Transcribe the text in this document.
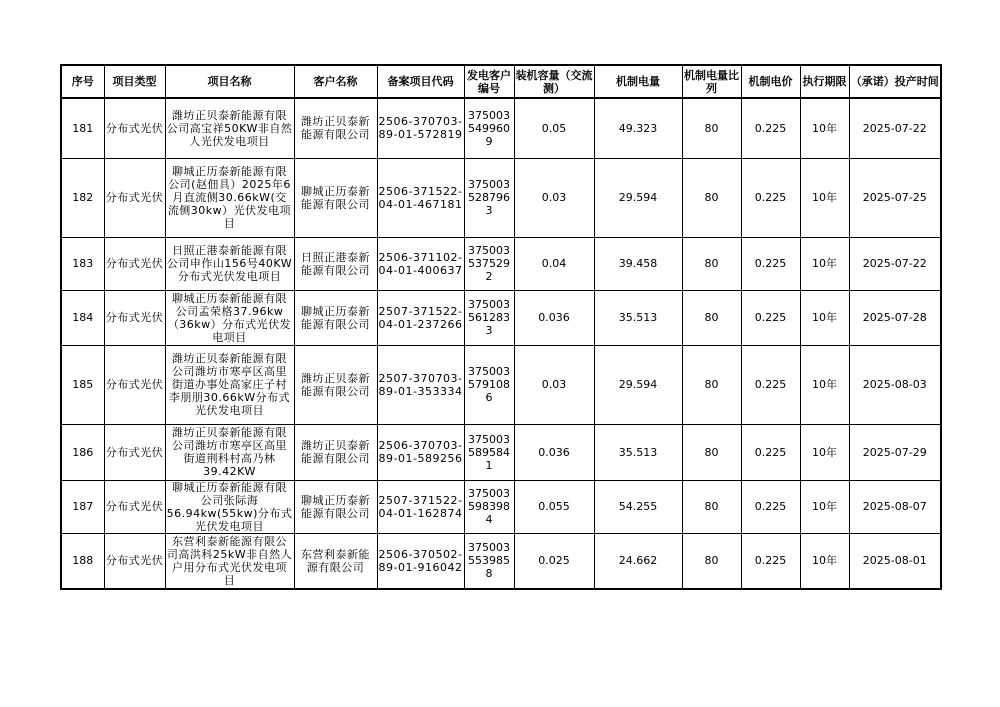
序号	项目类型	项目名称	客户名称	备案项目代码	发电客户编号	装机容量（交流测）	机制电量	机制电量比列	机制电价	执行期限	（承诺）投产时间
181	分布式光伏	潍坊正贝泰新能源有限公司高宝祥50KW非自然人光伏发电项目	潍坊正贝泰新能源有限公司	2506-370703-89-01-572819	3750035499609	0.05	49.323	80	0.225	10年	2025-07-22
182	分布式光伏	聊城正历泰新能源有限公司(赵佃具）2025年6月直流侧30.66kW(交流侧30kw）光伏发电项目	聊城正历泰新能源有限公司	2506-371522-04-01-467181	3750035287963	0.03	29.594	80	0.225	10年	2025-07-25
183	分布式光伏	日照正港泰新能源有限公司申作山156号40KW分布式光伏发电项目	日照正港泰新能源有限公司	2506-371102-04-01-400637	3750035375292	0.04	39.458	80	0.225	10年	2025-07-22
184	分布式光伏	聊城正历泰新能源有限公司孟荣格37.96kw（36kw）分布式光伏发电项目	聊城正历泰新能源有限公司	2507-371522-04-01-237266	3750035612833	0.036	35.513	80	0.225	10年	2025-07-28
185	分布式光伏	潍坊正贝泰新能源有限公司潍坊市寒亭区高里街道办事处高家庄子村李朋朋30.66kW分布式光伏发电项目	潍坊正贝泰新能源有限公司	2507-370703-89-01-353334	3750035791086	0.03	29.594	80	0.225	10年	2025-08-03
186	分布式光伏	潍坊正贝泰新能源有限公司潍坊市寒亭区高里街道荆科村高乃林39.42KW	潍坊正贝泰新能源有限公司	2506-370703-89-01-589256	3750035895841	0.036	35.513	80	0.225	10年	2025-07-29
187	分布式光伏	聊城正历泰新能源有限公司张际海56.94kw(55kw)分布式光伏发电项目	聊城正历泰新能源有限公司	2507-371522-04-01-162874	3750035983984	0.055	54.255	80	0.225	10年	2025-08-07
188	分布式光伏	东营利泰新能源有限公司高洪科25kW非自然人户用分布式光伏发电项目	东营利泰新能源有限公司	2506-370502-89-01-916042	3750035539858	0.025	24.662	80	0.225	10年	2025-08-01
